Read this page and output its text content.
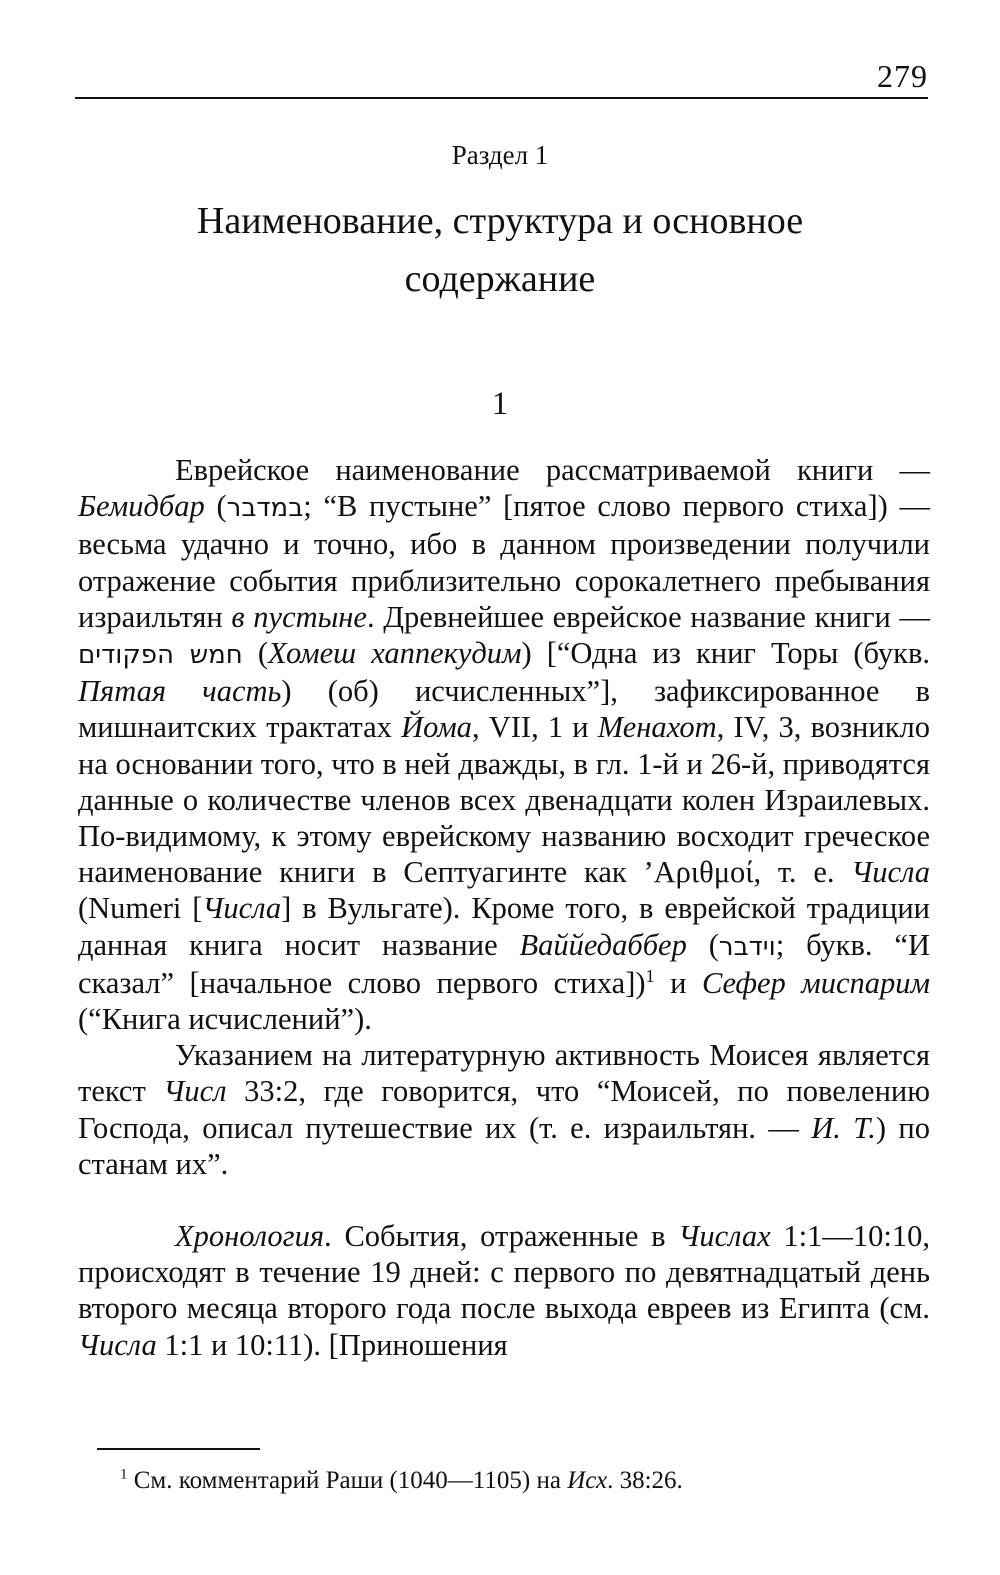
279
Раздел 1
Наименование, структура и основное содержание
1

Еврейское наименование рассматриваемой книги — Бемидбар (במדבר; “В пустыне” [пятое слово первого стиха]) — весьма удачно и точно, ибо в данном произведении получили отражение события приблизительно сорокалетнего пребывания израильтян в пустыне. Древнейшее еврейское название книги — חמש הפקודים (Хомеш хаппекудим) [“Одна из книг Торы (букв. Пятая часть) (об) исчисленных”], зафиксированное в мишнаитских трактатах Йома, VII, 1 и Менахот, IV, 3, возникло на основании того, что в ней дважды, в гл. 1-й и 26-й, приводятся данные о количестве членов всех двенадцати колен Израилевых. По-видимому, к этому еврейскому названию восходит греческое наименование книги в Септуагинте как ’Αριθμοί, т. е. Числа (Numeri [Числа] в Вульгате). Кроме того, в еврейской традиции данная книга носит название Ваййедаббер (וידבר; букв. “И сказал” [начальное слово первого стиха])$^1$ и Сефер миспарим (“Книга исчислений”).

Указанием на литературную активность Моисея является текст Числ 33:2, где говорится, что “Моисей, по повелению Господа, описал путешествие их (т. е. израильтян. — И. Т.) по станам их”.

Хронология. События, отраженные в Числах 1:1—10:10, происходят в течение 19 дней: с первого по девятнадцатый день второго месяца второго года после выхода евреев из Египта (см. Числа 1:1 и 10:11). [Приношения

$^1$ См. комментарий Раши (1040—1105) на Исх. 38:26.
